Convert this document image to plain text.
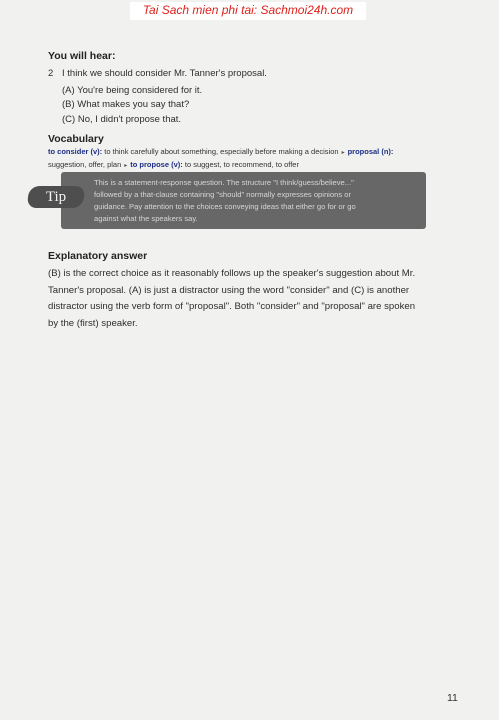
Tai Sach mien phi tai: Sachmoi24h.com
You will hear:
2 I think we should consider Mr. Tanner's proposal.
(A) You're being considered for it.
(B) What makes you say that?
(C) No, I didn't propose that.
Vocabulary
to consider (v): to think carefully about something, especially before making a decision ▸ proposal (n): suggestion, offer, plan ▸ to propose (v): to suggest, to recommend, to offer
Tip
This is a statement-response question. The structure "I think/guess/believe..."
followed by a that-clause containing "should" normally expresses opinions or
guidance. Pay attention to the choices conveying ideas that either go for or go
against what the speakers say.
Explanatory answer
(B) is the correct choice as it reasonably follows up the speaker's suggestion about Mr.
Tanner's proposal. (A) is just a distractor using the word "consider" and (C) is another
distractor using the verb form of "proposal". Both "consider" and "proposal" are spoken
by the (first) speaker.
11
